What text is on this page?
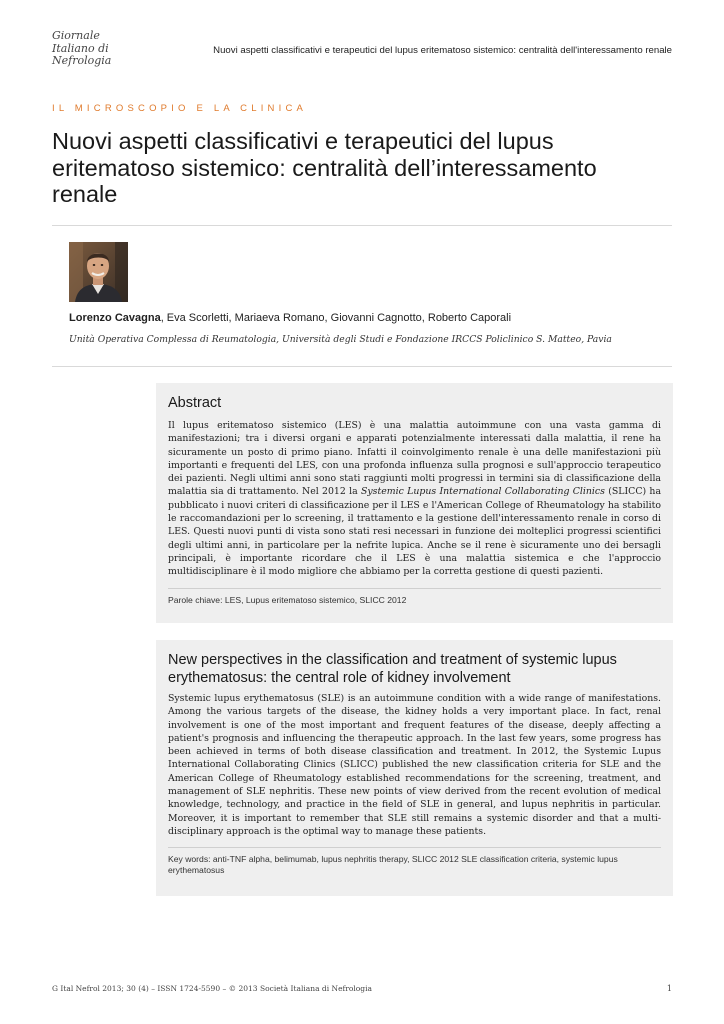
Giornale
Italiano di
Nefrologia
Nuovi aspetti classificativi e terapeutici del lupus eritematoso sistemico: centralità dell'interessamento renale
IL MICROSCOPIO E LA CLINICA
Nuovi aspetti classificativi e terapeutici del lupus eritematoso sistemico: centralità dell’interessamento renale
Lorenzo Cavagna, Eva Scorletti, Mariaeva Romano, Giovanni Cagnotto, Roberto Caporali
Unità Operativa Complessa di Reumatologia, Università degli Studi e Fondazione IRCCS Policlinico S. Matteo, Pavia
Abstract

Il lupus eritematoso sistemico (LES) è una malattia autoimmune con una vasta gamma di manifestazioni; tra i diversi organi e apparati potenzialmente interessati dalla malattia, il rene ha sicuramente un posto di primo piano. Infatti il coinvolgimento renale è una delle manifestazioni più importanti e frequenti del LES, con una profonda influenza sulla prognosi e sull'approccio terapeutico dei pazienti. Negli ultimi anni sono stati raggiunti molti progressi in termini sia di classificazione della malattia sia di trattamento. Nel 2012 la Systemic Lupus International Collaborating Clinics (SLICC) ha pubblicato i nuovi criteri di classificazione per il LES e l'American College of Rheumatology ha stabilito le raccomandazioni per lo screening, il trattamento e la gestione dell'interessamento renale in corso di LES. Questi nuovi punti di vista sono stati resi necessari in funzione dei molteplici progressi scientifici degli ultimi anni, in particolare per la nefrite lupica. Anche se il rene è sicuramente uno dei bersagli principali, è importante ricordare che il LES è una malattia sistemica e che l'approccio multidisciplinare è il modo migliore che abbiamo per la corretta gestione di questi pazienti.

Parole chiave: LES, Lupus eritematoso sistemico, SLICC 2012

New perspectives in the classification and treatment of systemic lupus erythematosus: the central role of kidney involvement

Systemic lupus erythematosus (SLE) is an autoimmune condition with a wide range of manifestations. Among the various targets of the disease, the kidney holds a very important place. In fact, renal involvement is one of the most important and frequent features of the disease, deeply affecting a patient's prognosis and influencing the therapeutic approach. In the last few years, some progress has been achieved in terms of both disease classification and treatment. In 2012, the Systemic Lupus International Collaborating Clinics (SLICC) published the new classification criteria for SLE and the American College of Rheumatology established recommendations for the screening, treatment, and management of SLE nephritis. These new points of view derived from the recent evolution of medical knowledge, technology, and practice in the field of SLE in general, and lupus nephritis in particular. Moreover, it is important to remember that SLE still remains a systemic disorder and that a multi-disciplinary approach is the optimal way to manage these patients.

Key words: anti-TNF alpha, belimumab, lupus nephritis therapy, SLICC 2012 SLE classification criteria, systemic lupus erythematosus

G Ital Nefrol 2013; 30 (4) – ISSN 1724-5590 – © 2013 Società Italiana di Nefrologia	1
